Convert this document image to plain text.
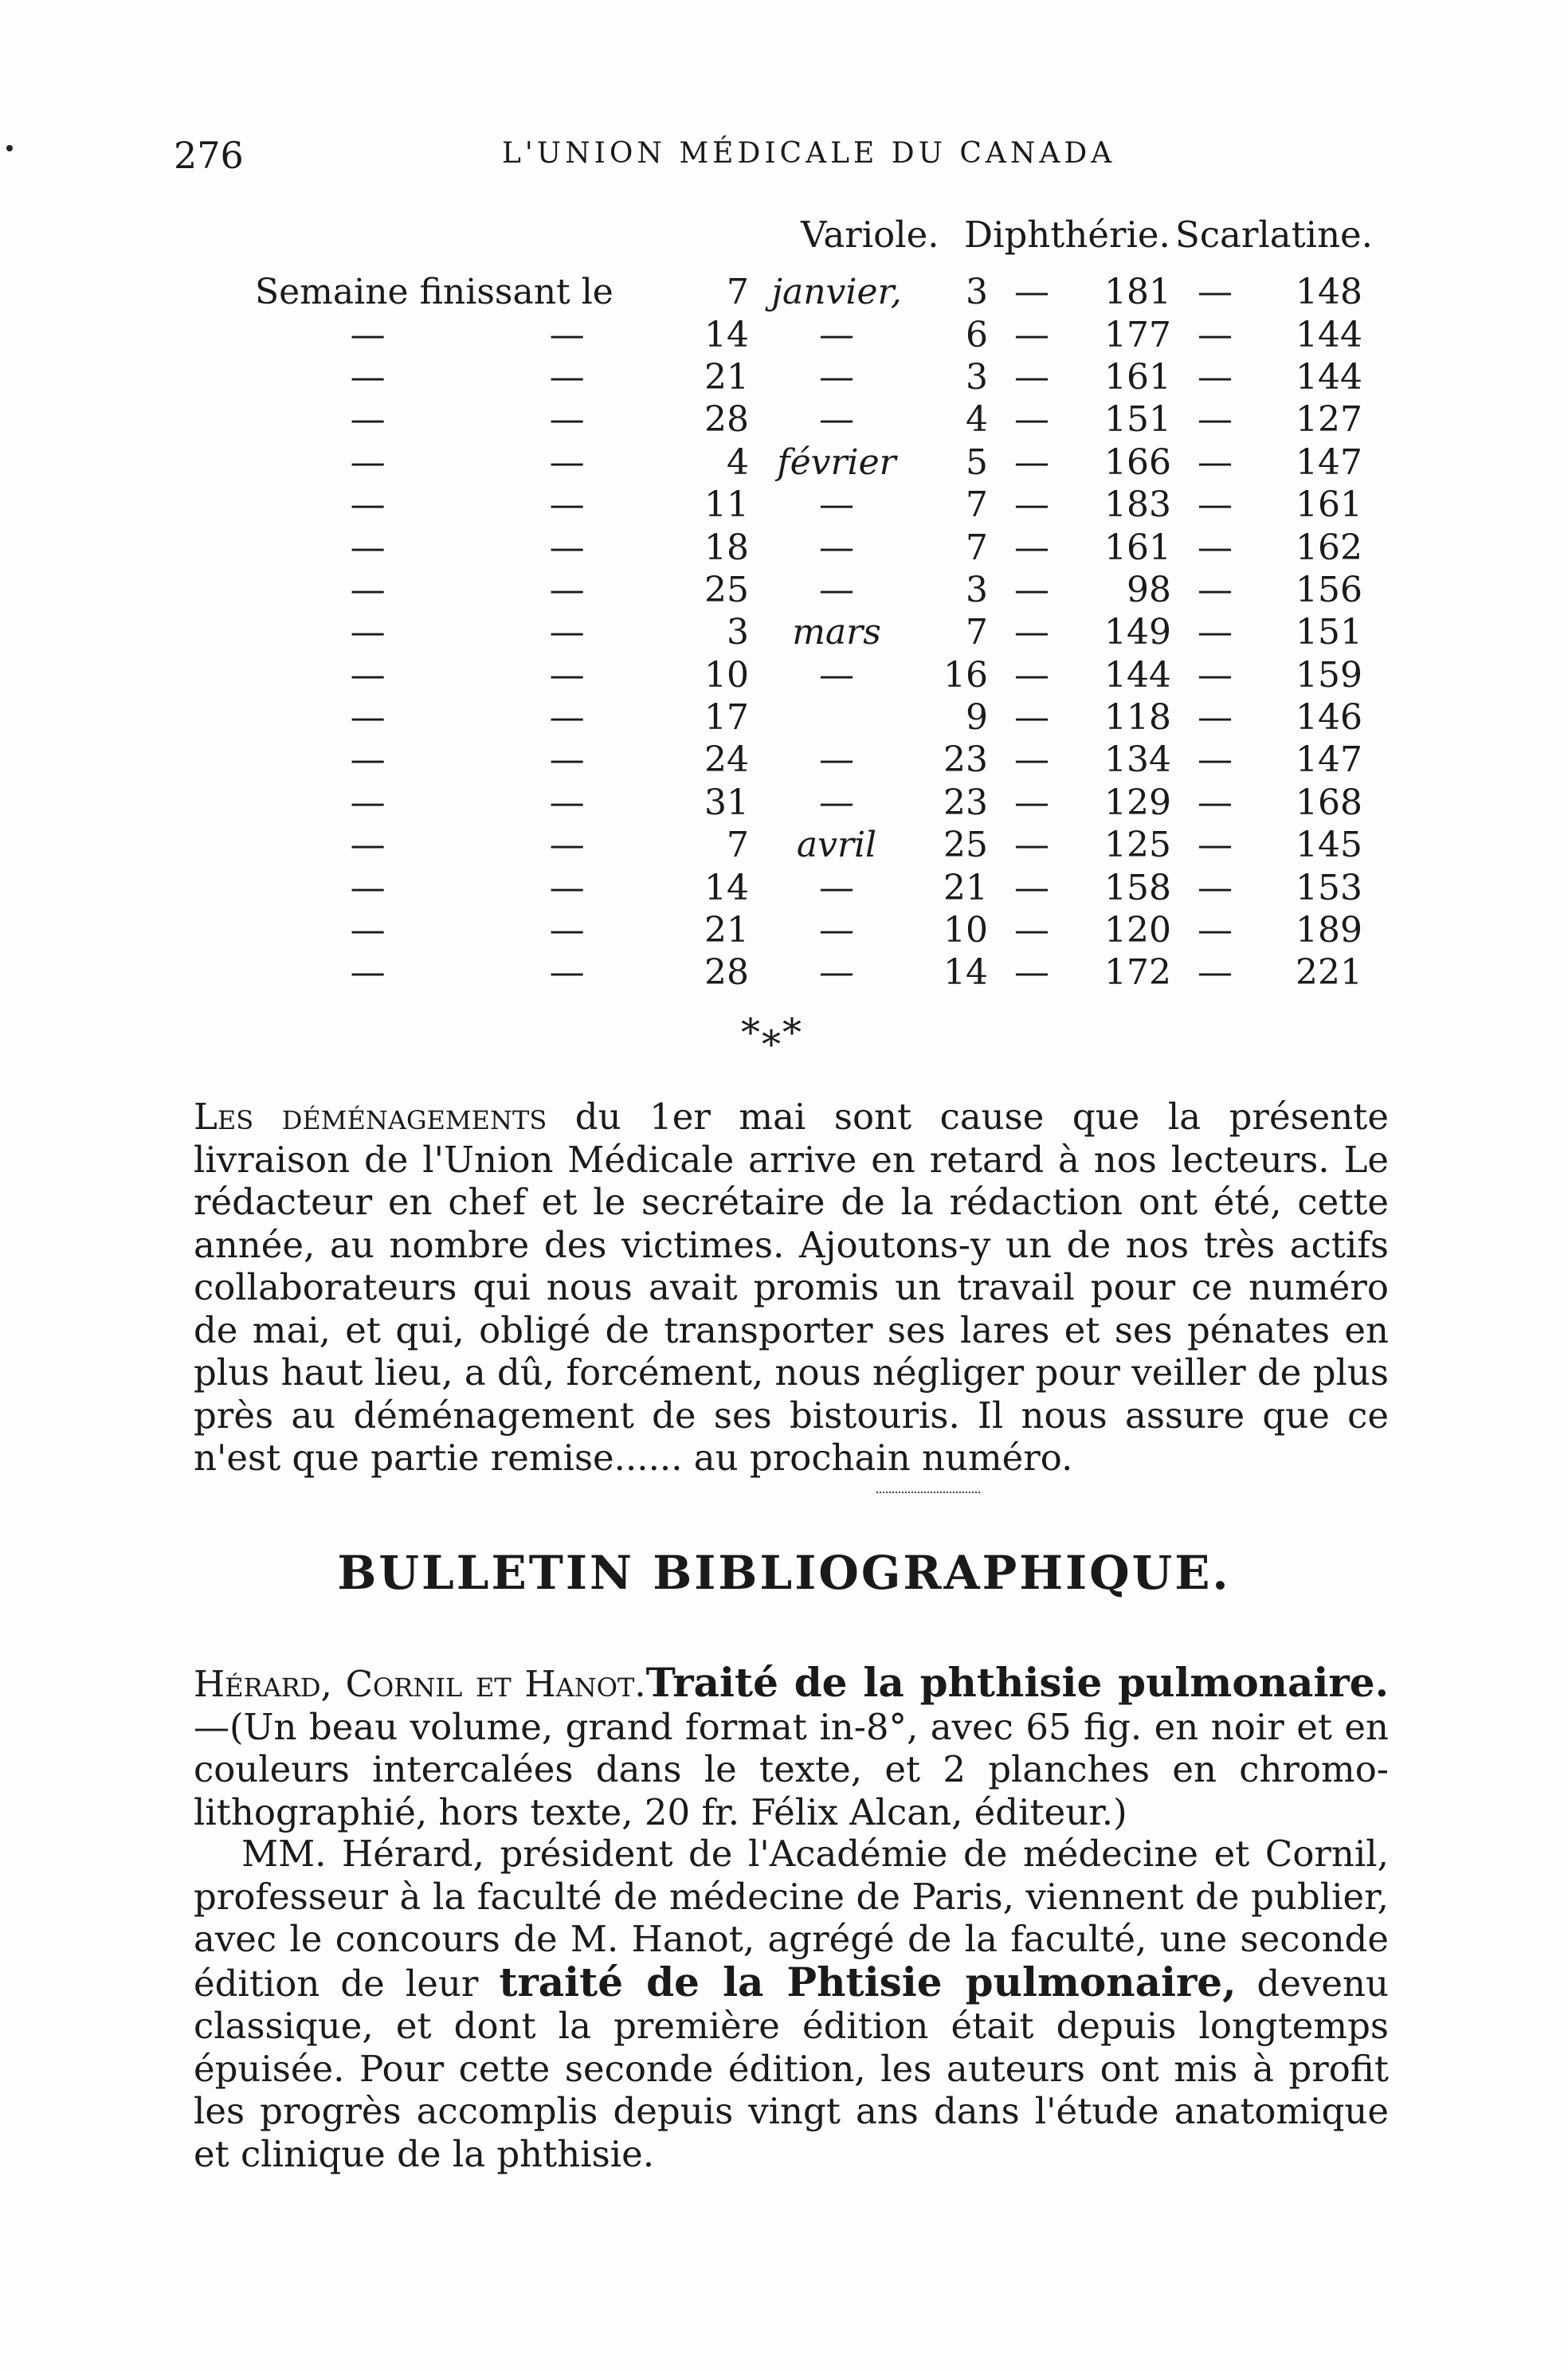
276	L'UNION MÉDICALE DU CANADA
Variole. Diphthérie. Scarlatine.
Semaine finissant le		7	janvier,	3	—	181	—	148
—	—	14	—	6	—	177	—	144
—	—	21	—	3	—	161	—	144
—	—	28	—	4	—	151	—	127
—	—	4	février	5	—	166	—	147
—	—	11	—	7	—	183	—	161
—	—	18	—	7	—	161	—	162
—	—	25	—	3	—	98	—	156
—	—	3	mars	7	—	149	—	151
—	—	10	—	16	—	144	—	159
—	—	17		9	—	118	—	146
—	—	24	—	23	—	134	—	147
—	—	31	—	23	—	129	—	168
—	—	7	avril	25	—	125	—	145
—	—	14	—	21	—	158	—	153
—	—	21	—	10	—	120	—	189
—	—	28	—	14	—	172	—	221
*⁎*

Les déménagements du 1er mai sont cause que la présente livraison de l'Union Médicale arrive en retard à nos lecteurs. Le rédacteur en chef et le secrétaire de la rédaction ont été, cette année, au nombre des victimes. Ajoutons-y un de nos très actifs collaborateurs qui nous avait promis un travail pour ce numéro de mai, et qui, obligé de transporter ses lares et ses pénates en plus haut lieu, a dû, forcément, nous négliger pour veiller de plus près au déménagement de ses bistouris. Il nous assure que ce n'est que partie remise...... au prochain numéro.

BULLETIN BIBLIOGRAPHIQUE.

Hérard, Cornil et Hanot.Traité de la phthisie pulmonaire. —(Un beau volume, grand format in-8°, avec 65 fig. en noir et en couleurs intercalées dans le texte, et 2 planches en chromo-lithographié, hors texte, 20 fr. Félix Alcan, éditeur.)

MM. Hérard, président de l'Académie de médecine et Cornil, professeur à la faculté de médecine de Paris, viennent de publier, avec le concours de M. Hanot, agrégé de la faculté, une seconde édition de leur traité de la Phtisie pulmonaire, devenu classique, et dont la première édition était depuis longtemps épuisée. Pour cette seconde édition, les auteurs ont mis à profit les progrès accomplis depuis vingt ans dans l'étude anatomique et clinique de la phthisie.
